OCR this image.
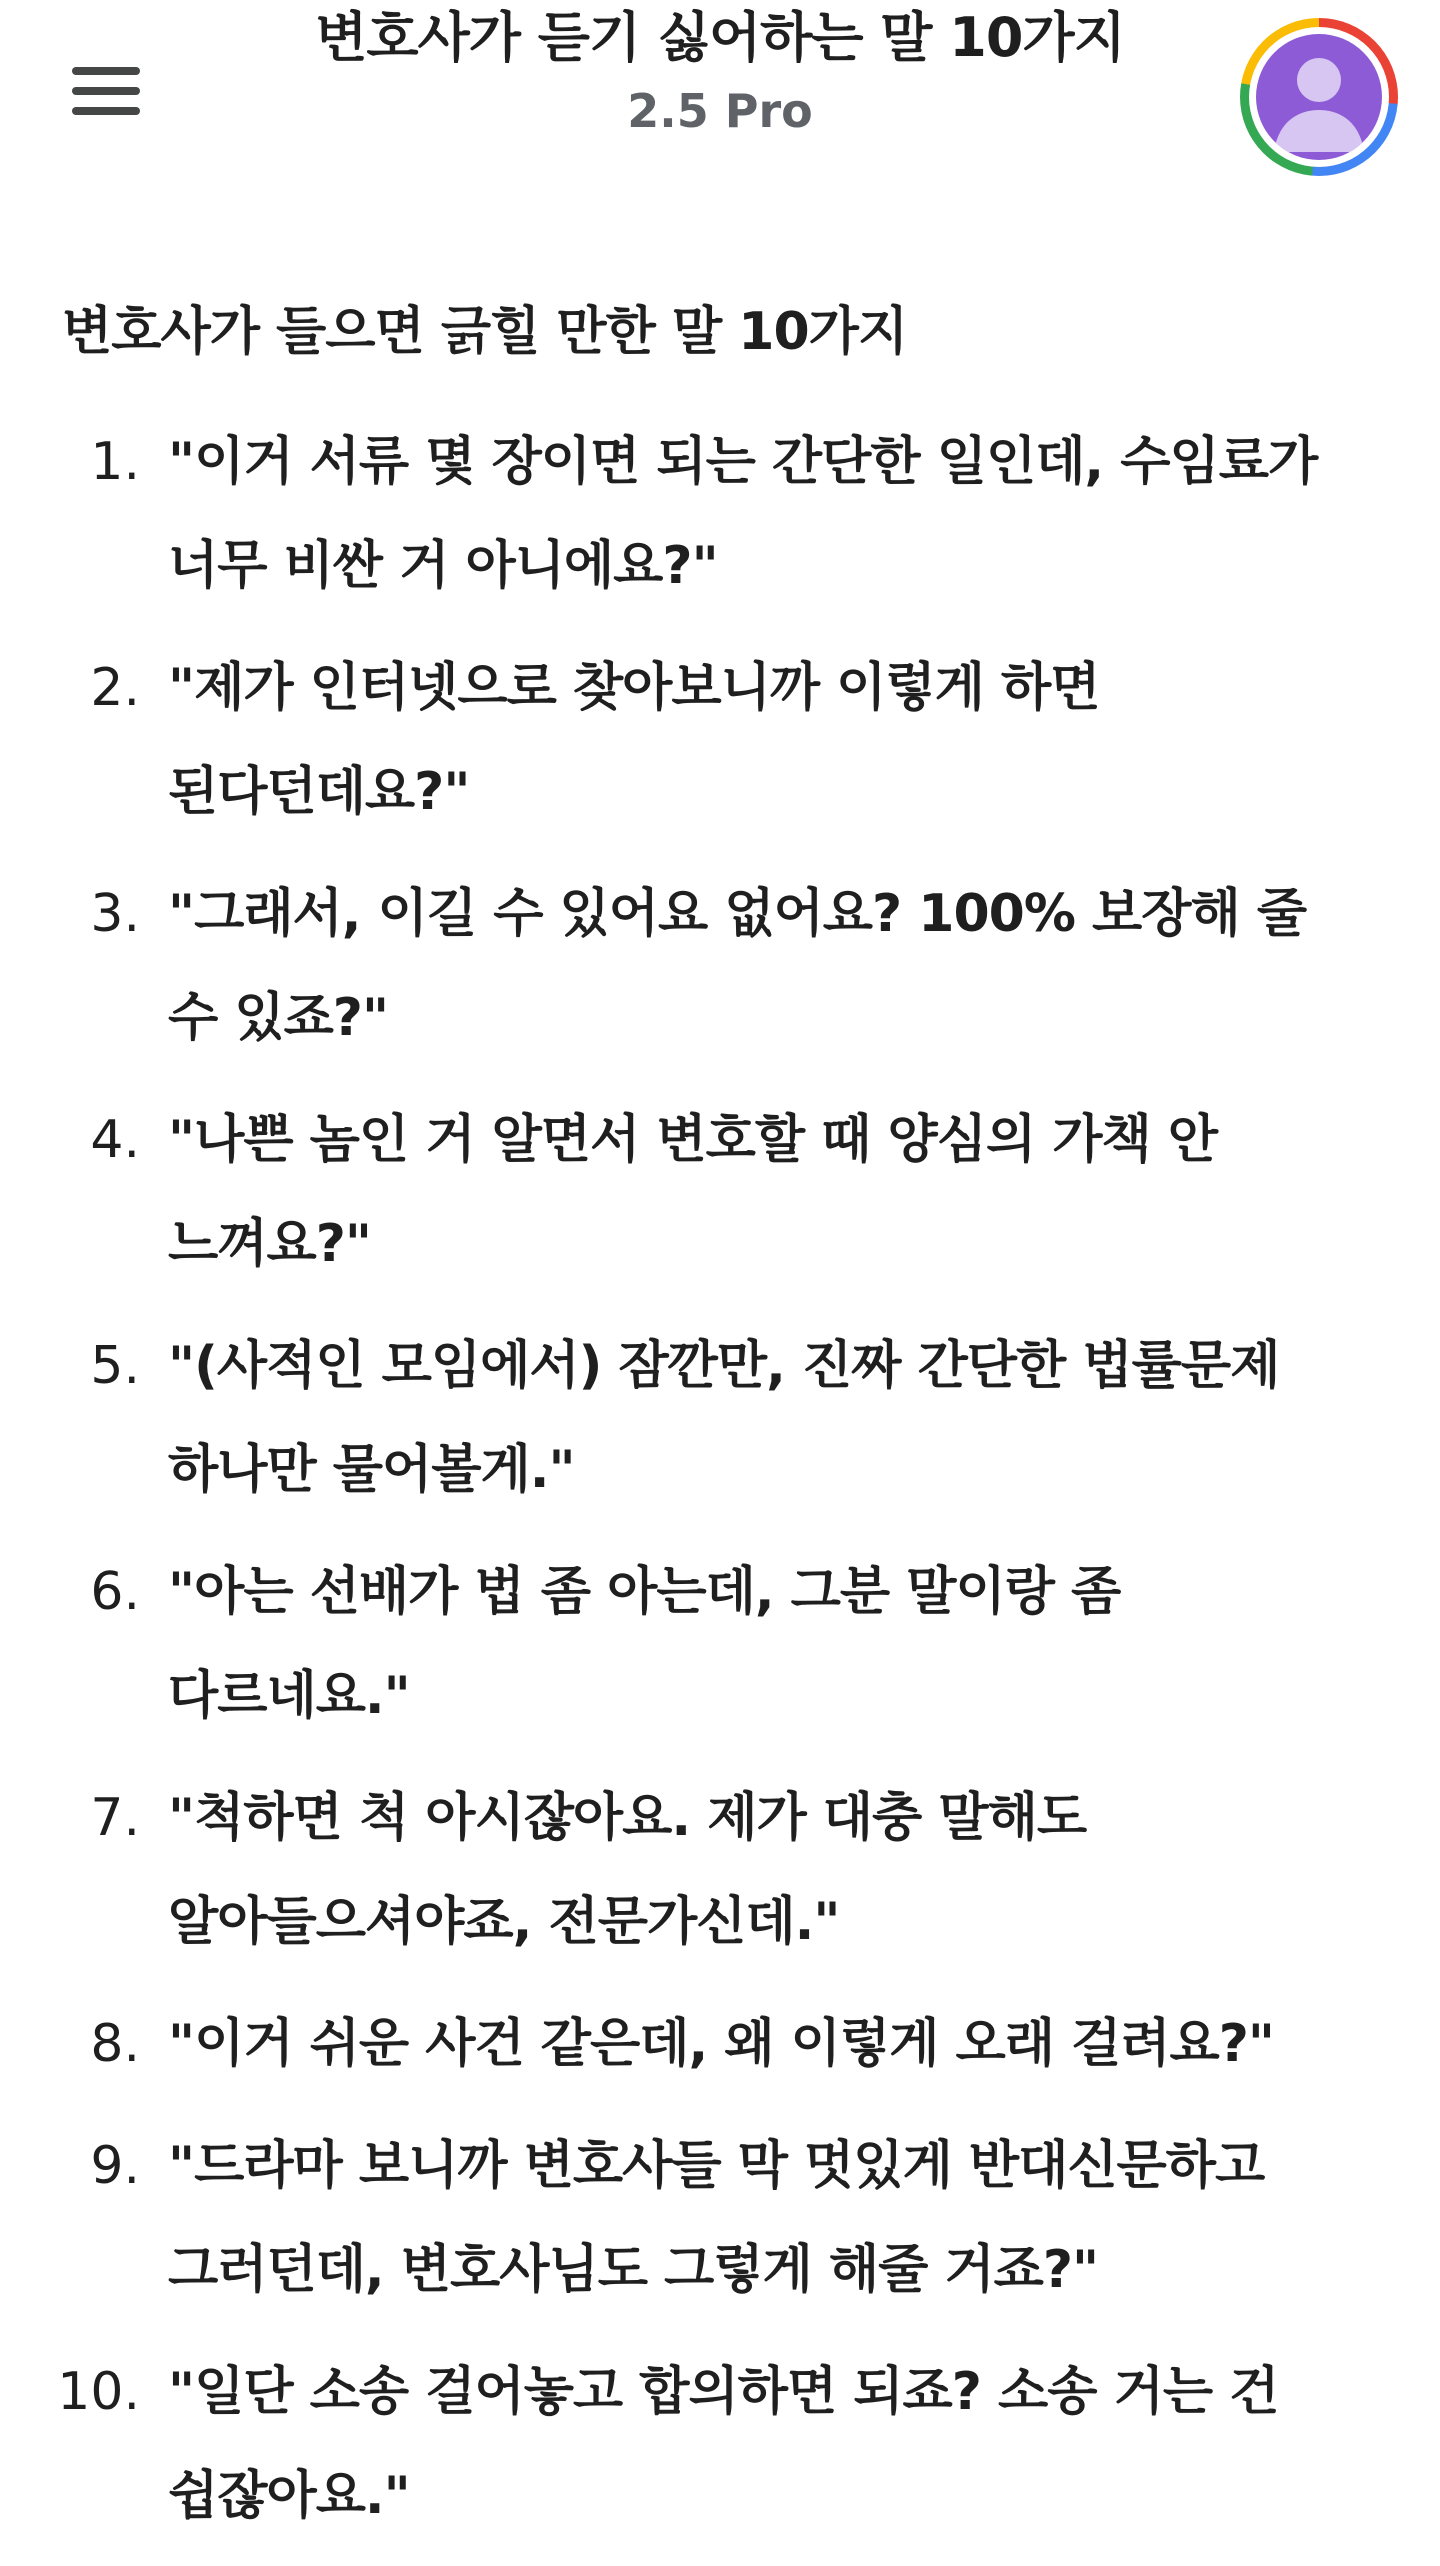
변호사가 듣기 싫어하는 말 10가지
2.5 Pro
변호사가 들으면 긁힐 만한 말 10가지
1. "이거 서류 몇 장이면 되는 간단한 일인데, 수임료가
너무 비싼 거 아니에요?"
2. "제가 인터넷으로 찾아보니까 이렇게 하면
된다던데요?"
3. "그래서, 이길 수 있어요 없어요? 100% 보장해 줄
수 있죠?"
4. "나쁜 놈인 거 알면서 변호할 때 양심의 가책 안
느껴요?"
5. "(사적인 모임에서) 잠깐만, 진짜 간단한 법률문제
하나만 물어볼게."
6. "아는 선배가 법 좀 아는데, 그분 말이랑 좀
다르네요."
7. "척하면 척 아시잖아요. 제가 대충 말해도
알아들으셔야죠, 전문가신데."
8. "이거 쉬운 사건 같은데, 왜 이렇게 오래 걸려요?"
9. "드라마 보니까 변호사들 막 멋있게 반대신문하고
그러던데, 변호사님도 그렇게 해줄 거죠?"
10. "일단 소송 걸어놓고 합의하면 되죠? 소송 거는 건
쉽잖아요."
